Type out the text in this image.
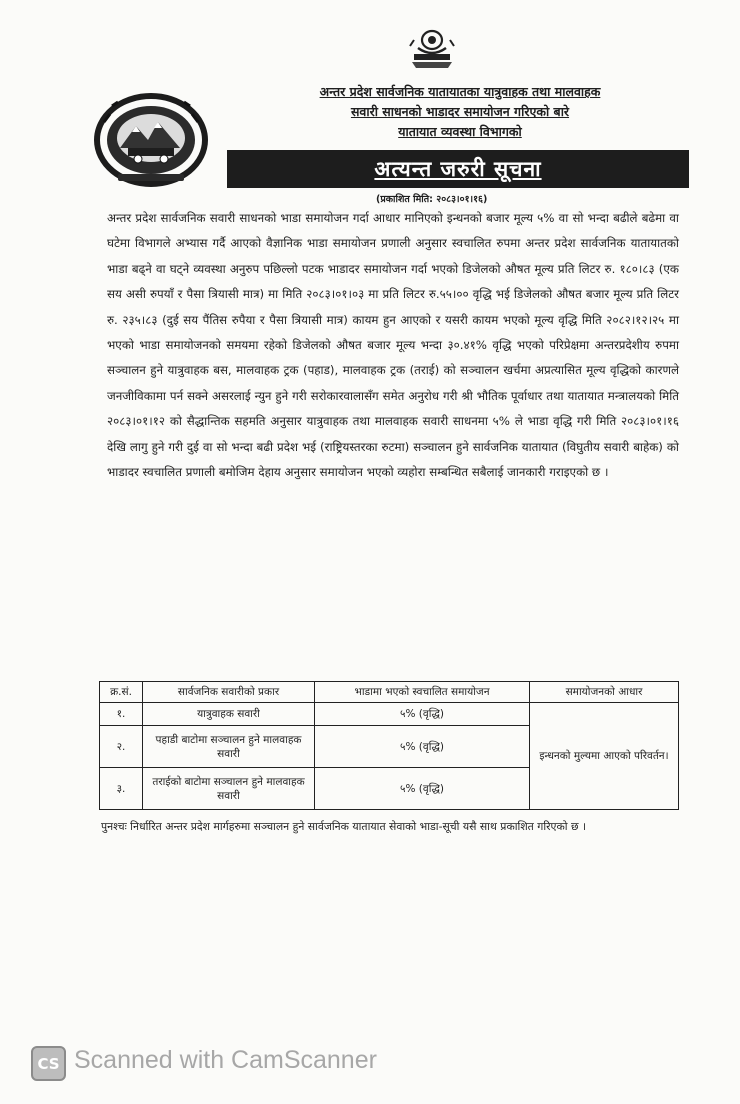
अन्तर प्रदेश सार्वजनिक यातायातका यात्रुवाहक तथा मालवाहक
सवारी साधनको भाडादर समायोजन गरिएको बारे
यातायात व्यवस्था विभागको
अत्यन्त जरुरी सूचना
(प्रकाशित मिति: २०८३।०१।१६)
अन्तर प्रदेश सार्वजनिक सवारी साधनको भाडा समायोजन गर्दा आधार मानिएको इन्धनको बजार मूल्य ५% वा सो भन्दा बढीले बढेमा वा घटेमा विभागले अभ्यास गर्दै आएको वैज्ञानिक भाडा समायोजन प्रणाली अनुसार स्वचालित रुपमा अन्तर प्रदेश सार्वजनिक यातायातको भाडा बढ्ने वा घट्ने व्यवस्था अनुरुप पछिल्लो पटक भाडादर समायोजन गर्दा भएको डिजेलको औषत मूल्य प्रति लिटर रु. १८०।८३ (एक सय असी रुपयाँ र पैसा त्रियासी मात्र) मा मिति २०८३।०१।०३ मा प्रति लिटर रु.५५।०० वृद्धि भई डिजेलको औषत बजार मूल्य प्रति लिटर रु. २३५।८३ (दुई सय पैंतिस रुपैया र पैसा त्रियासी मात्र) कायम हुन आएको र यसरी कायम भएको मूल्य वृद्धि मिति २०८२।१२।२५ मा भएको भाडा समायोजनको समयमा रहेको डिजेलको औषत बजार मूल्य भन्दा ३०.४१% वृद्धि भएको परिप्रेक्षमा अन्तरप्रदेशीय रुपमा सञ्चालन हुने यात्रुवाहक बस, मालवाहक ट्रक (पहाड), मालवाहक ट्रक (तराई) को सञ्चालन खर्चमा अप्रत्यासित मूल्य वृद्धिको कारणले जनजीविकामा पर्न सक्ने असरलाई न्युन हुने गरी सरोकारवालासँग समेत अनुरोध गरी श्री भौतिक पूर्वाधार तथा यातायात मन्त्रालयको मिति २०८३।०१।१२ को सैद्धान्तिक सहमति अनुसार यात्रुवाहक तथा मालवाहक सवारी साधनमा ५% ले भाडा वृद्धि गरी मिति २०८३।०१।१६ देखि लागु हुने गरी दुई वा सो भन्दा बढी प्रदेश भई (राष्ट्रियस्तरका रुटमा) सञ्चालन हुने सार्वजनिक यातायात (विघुतीय सवारी बाहेक) को भाडादर स्वचालित प्रणाली बमोजिम देहाय अनुसार समायोजन भएको व्यहोरा सम्बन्धित सबैलाई जानकारी गराइएको छ ।
क्र.सं.	सार्वजनिक सवारीको प्रकार	भाडामा भएको स्वचालित समायोजन	समायोजनको आधार
१.	यात्रुवाहक सवारी	५% (वृद्धि)	इन्धनको मुल्यमा आएको परिवर्तन।
२.	पहाडी बाटोमा सञ्चालन हुने मालवाहक सवारी	५% (वृद्धि)	
३.	तराईको बाटोमा सञ्चालन हुने मालवाहक सवारी	५% (वृद्धि)	
पुनश्चः निर्धारित अन्तर प्रदेश मार्गहरुमा सञ्चालन हुने सार्वजनिक यातायात सेवाको भाडा-सूची यसै साथ प्रकाशित गरिएको छ ।
CS Scanned with CamScanner
